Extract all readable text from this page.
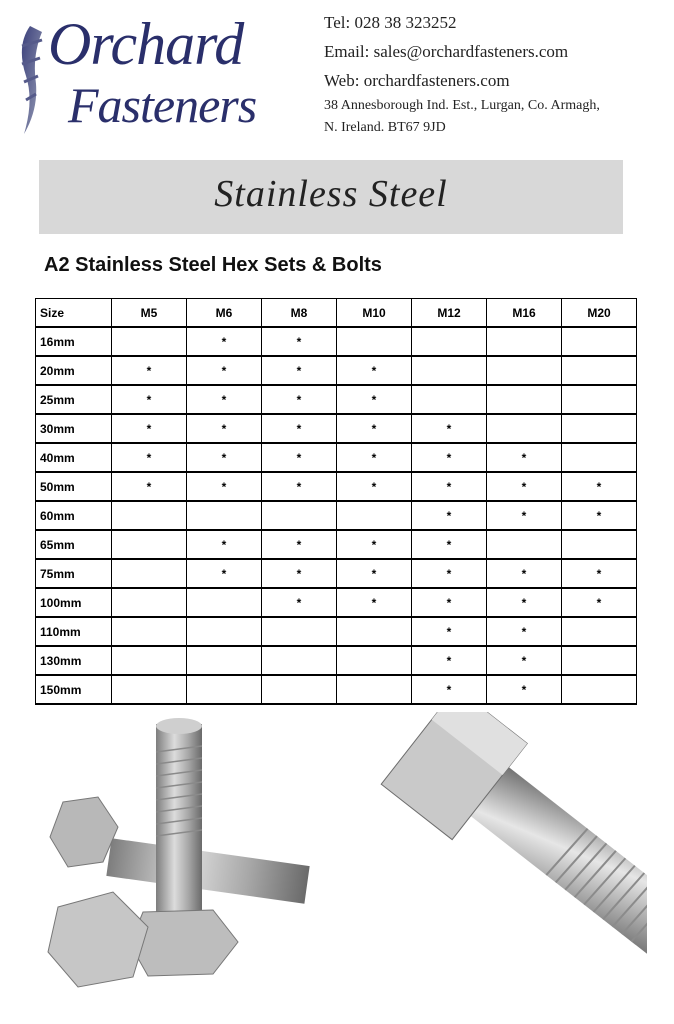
Orchard
Fasteners
Tel: 028 38 323252
Email: sales@orchardfasteners.com
Web: orchardfasteners.com
38 Annesborough Ind. Est., Lurgan, Co. Armagh,
N. Ireland. BT67 9JD
Stainless Steel
A2 Stainless Steel Hex Sets & Bolts
Size	M5	M6	M8	M10	M12	M16	M20
16mm		*	*				
20mm	*	*	*	*			
25mm	*	*	*	*			
30mm	*	*	*	*	*		
40mm	*	*	*	*	*	*	
50mm	*	*	*	*	*	*	*
60mm					*	*	*
65mm		*	*	*	*		
75mm		*	*	*	*	*	*
100mm			*	*	*	*	*
110mm					*	*	
130mm					*	*	
150mm					*	*	
